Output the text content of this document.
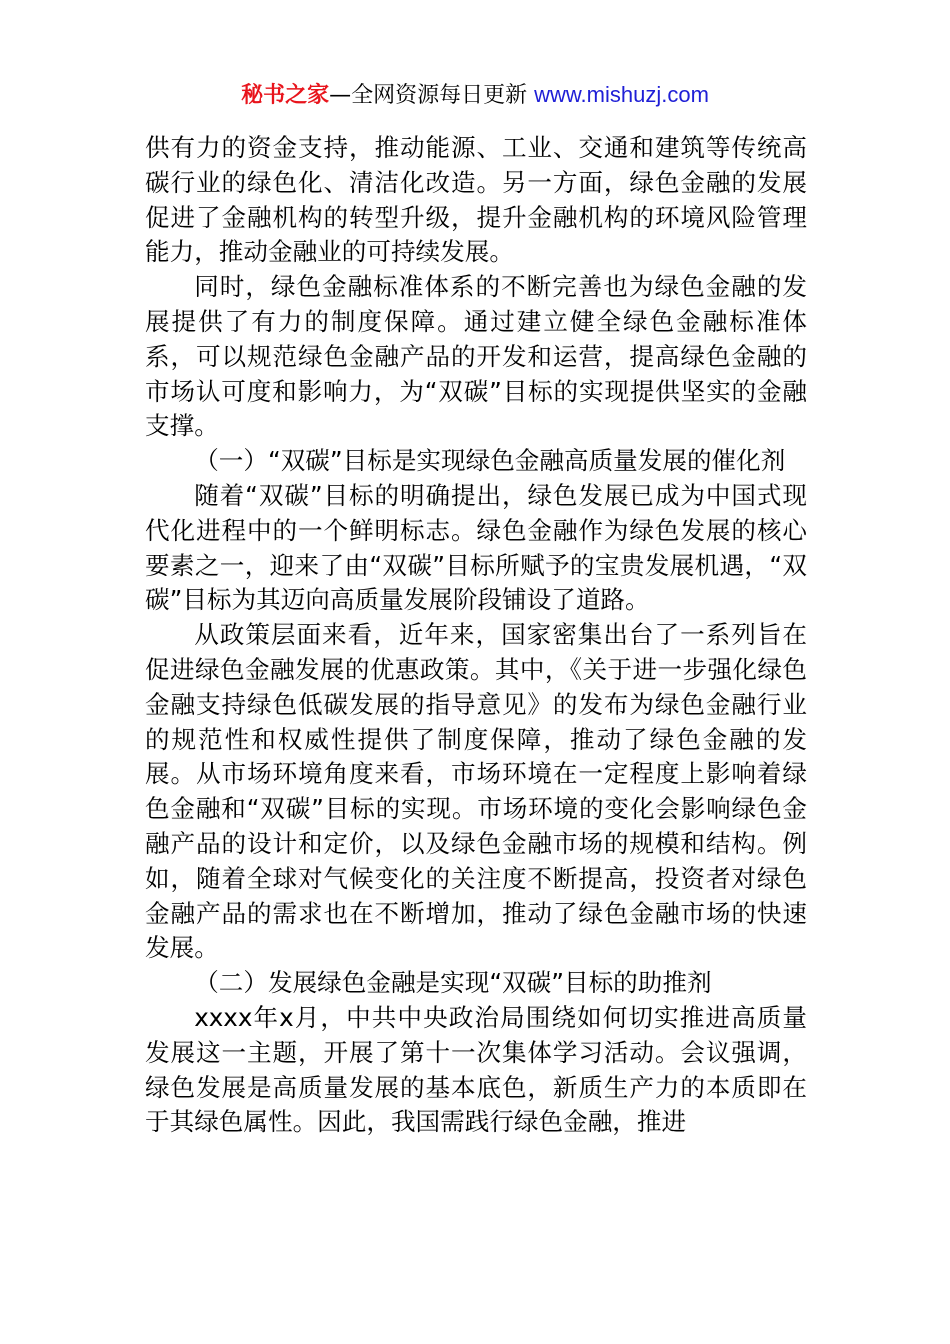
秘书之家—全网资源每日更新 www.mishuzj.com

供有力的资金支持，推动能源、工业、交通和建筑等传统高碳行业的绿色化、清洁化改造。另一方面，绿色金融的发展促进了金融机构的转型升级，提升金融机构的环境风险管理能力，推动金融业的可持续发展。

同时，绿色金融标准体系的不断完善也为绿色金融的发展提供了有力的制度保障。通过建立健全绿色金融标准体系，可以规范绿色金融产品的开发和运营，提高绿色金融的市场认可度和影响力，为“双碳”目标的实现提供坚实的金融支撑。

（一）“双碳”目标是实现绿色金融高质量发展的催化剂

随着“双碳”目标的明确提出，绿色发展已成为中国式现代化进程中的一个鲜明标志。绿色金融作为绿色发展的核心要素之一，迎来了由“双碳”目标所赋予的宝贵发展机遇，“双碳”目标为其迈向高质量发展阶段铺设了道路。

从政策层面来看，近年来，国家密集出台了一系列旨在促进绿色金融发展的优惠政策。其中，《关于进一步强化绿色金融支持绿色低碳发展的指导意见》的发布为绿色金融行业的规范性和权威性提供了制度保障，推动了绿色金融的发展。从市场环境角度来看，市场环境在一定程度上影响着绿色金融和“双碳”目标的实现。市场环境的变化会影响绿色金融产品的设计和定价，以及绿色金融市场的规模和结构。例如，随着全球对气候变化的关注度不断提高，投资者对绿色金融产品的需求也在不断增加，推动了绿色金融市场的快速发展。

（二）发展绿色金融是实现“双碳”目标的助推剂

xxxx年x月，中共中央政治局围绕如何切实推进高质量发展这一主题，开展了第十一次集体学习活动。会议强调，绿色发展是高质量发展的基本底色，新质生产力的本质即在于其绿色属性。因此，我国需践行绿色金融，推进
